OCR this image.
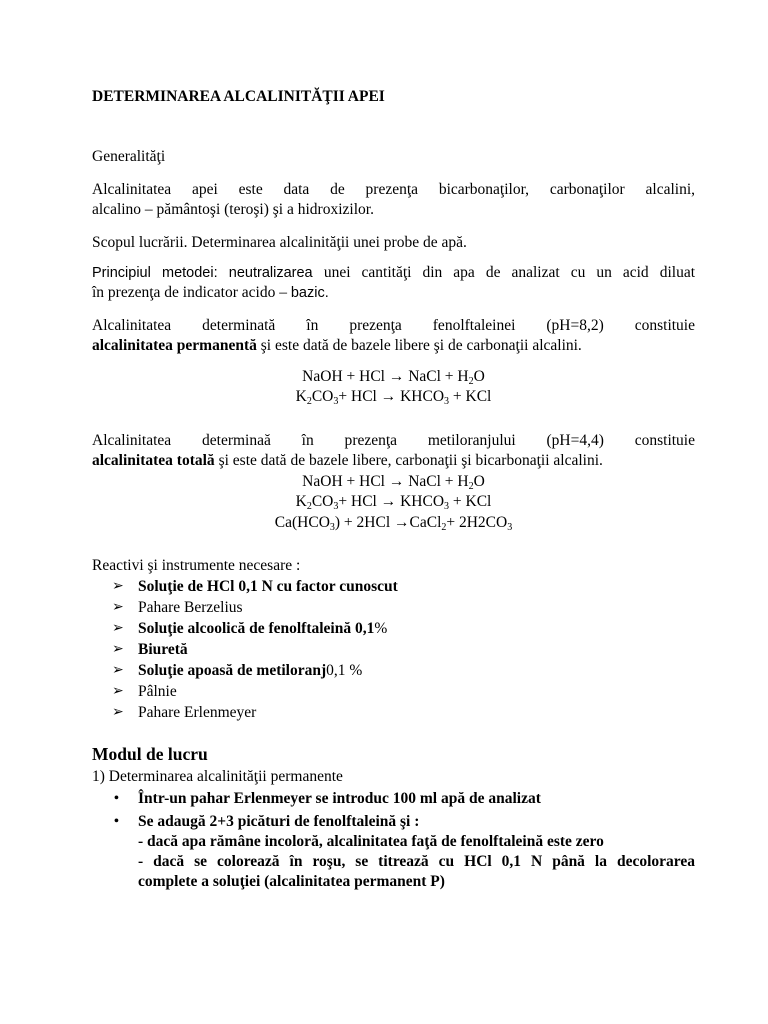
DETERMINAREA ALCALINITĂŢII APEI
Generalităţi
Alcalinitatea apei este data de prezenţa bicarbonaţilor, carbonaţilor alcalini,
alcalino – pământoşi (teroşi) şi a hidroxizilor.
Scopul lucrării. Determinarea alcalinităţii unei probe de apă.
Principiul metodei: neutralizarea unei cantităţi din apa de analizat cu un acid diluat
în prezenţa de indicator acido – bazic.
Alcalinitatea determinată în prezenţa fenolftaleinei (pH=8,2) constituie
alcalinitatea permanentă şi este dată de bazele libere şi de carbonaţii alcalini.
NaOH + HCl → NaCl + $H_2O$
$K_2CO_3+$ HCl → $KHCO_3$ + KCl
Alcalinitatea determinaă în prezenţa metiloranjului (pH=4,4) constituie
alcalinitatea totală şi este dată de bazele libere, carbonaţii şi bicarbonaţii alcalini.
NaOH + HCl → NaCl + $H_2O$
$K_2CO_3+$ HCl → $KHCO_3$ + KCl
$Ca(HCO_3) + 2HCl$ →CaCl$_2$+ $2H2CO_3$
Reactivi şi instrumente necesare :
➢ Soluţie de HCl 0,1 N cu factor cunoscut
➢ Pahare Berzelius
➢ Soluţie alcoolică de fenolftaleină 0,1 %
➢ Biuretă
➢ Soluţie apoasă de metiloranj 0,1 %
➢ Pâlnie
➢ Pahare Erlenmeyer
Modul de lucru
1) Determinarea alcalinităţii permanente
• Într-un pahar Erlenmeyer se introduc 100 ml apă de analizat
• Se adaugă 2+3 picături de fenolftaleină şi :
- dacă apa rămâne incoloră, alcalinitatea faţă de fenolftaleină este zero
- dacă se colorează în roşu, se titrează cu HCl 0,1 N până la decolorarea
complete a soluţiei (alcalinitatea permanent P)
